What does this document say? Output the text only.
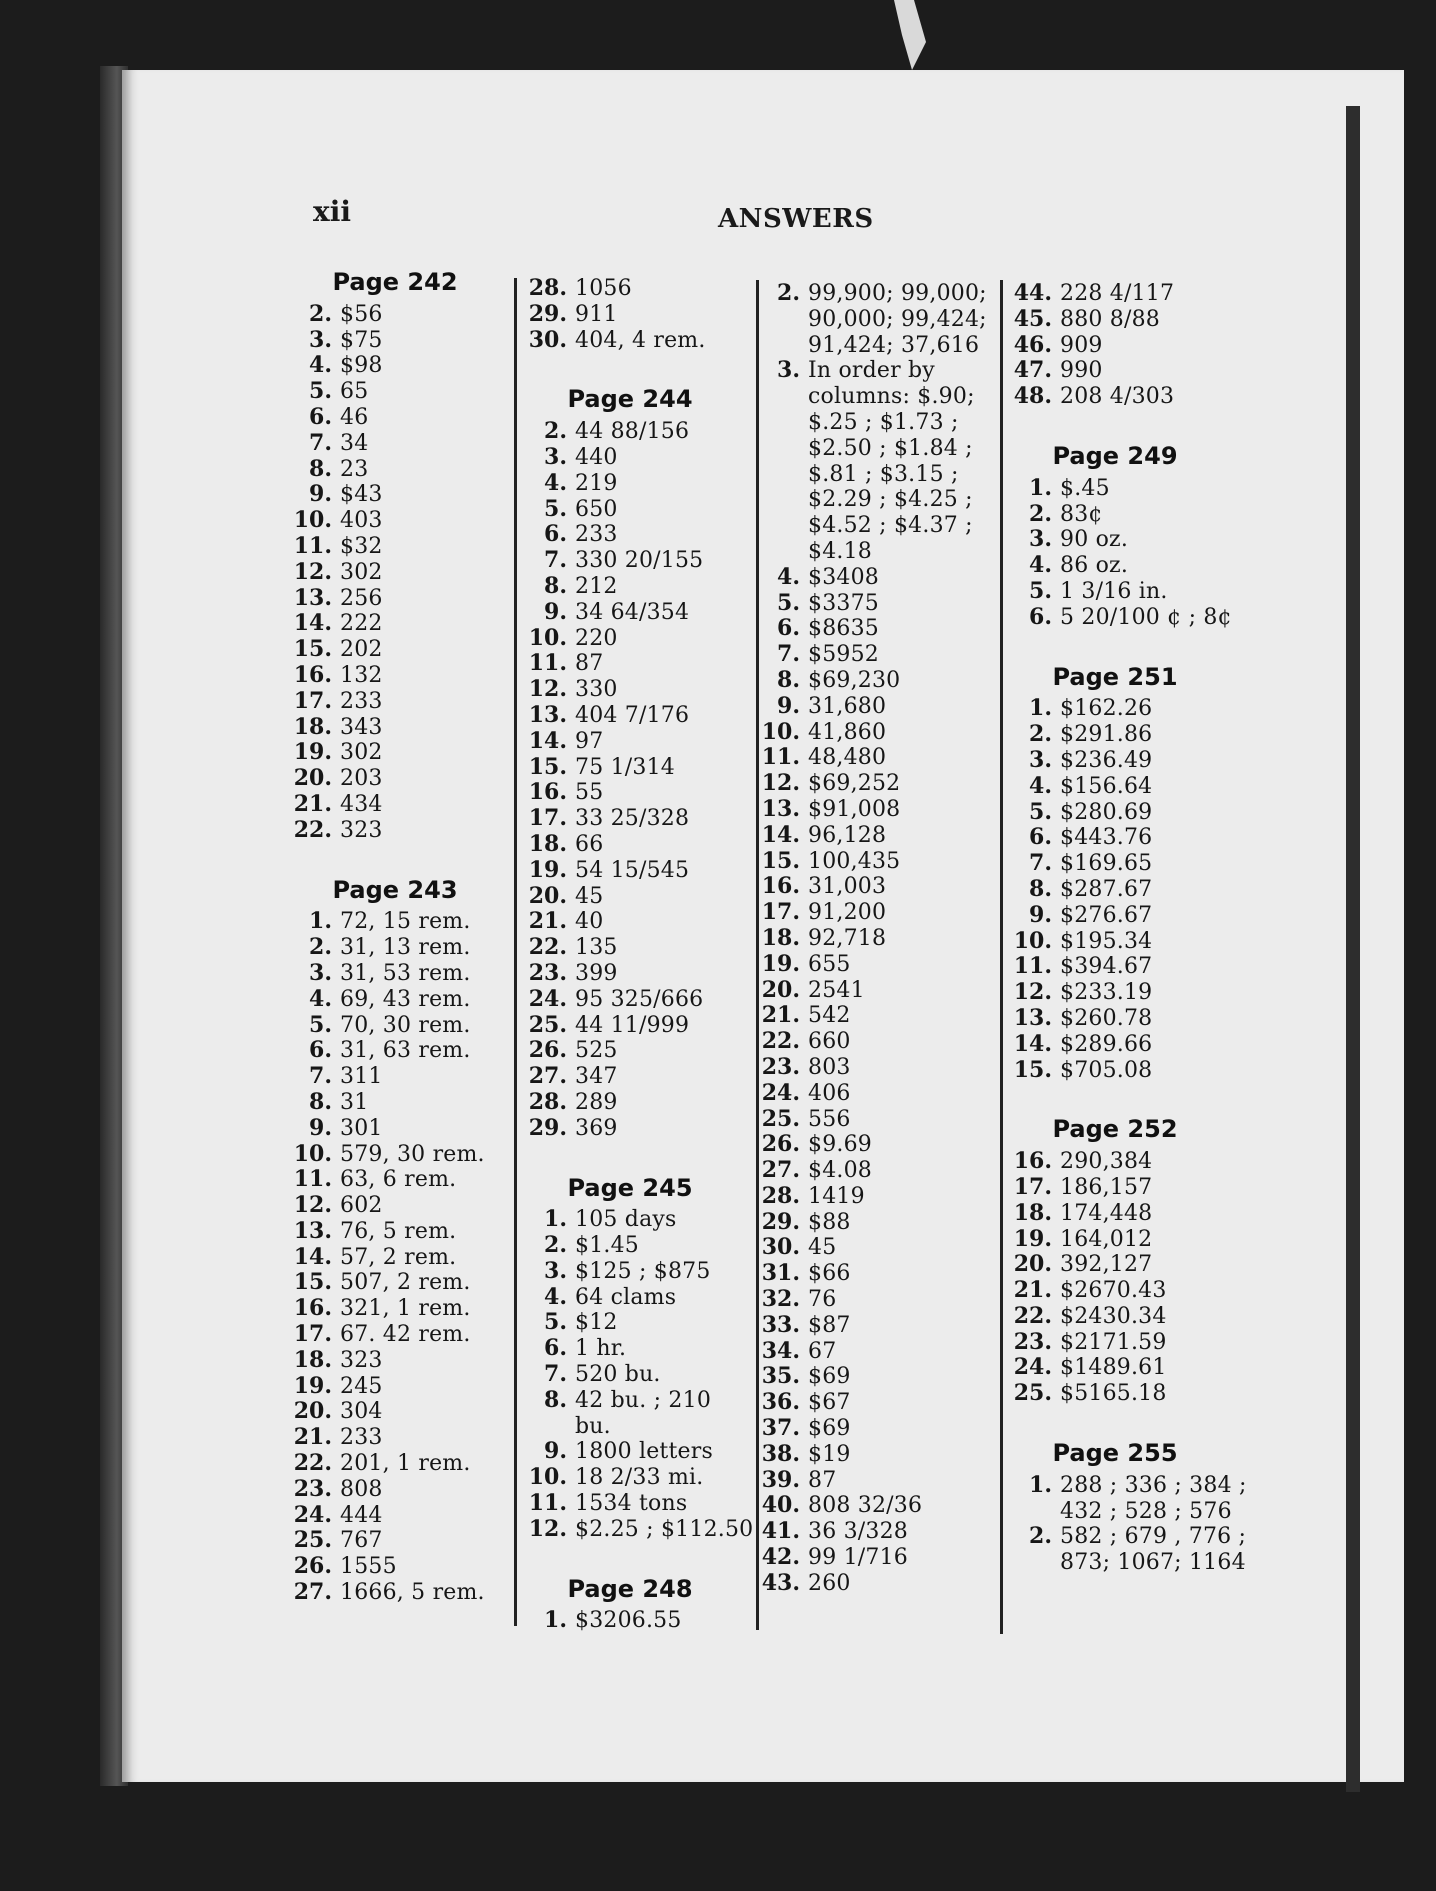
xii	ANSWERS
Page 242
2. $56
3. $75
4. $98
5. 65
6. 46
7. 34
8. 23
9. $43
10. 403
11. $32
12. 302
13. 256
14. 222
15. 202
16. 132
17. 233
18. 343
19. 302
20. 203
21. 434
22. 323
Page 243
1. 72, 15 rem.
2. 31, 13 rem.
3. 31, 53 rem.
4. 69, 43 rem.
5. 70, 30 rem.
6. 31, 63 rem.
7. 311
8. 31
9. 301
10. 579, 30 rem.
11. 63, 6 rem.
12. 602
13. 76, 5 rem.
14. 57, 2 rem.
15. 507, 2 rem.
16. 321, 1 rem.
17. 67. 42 rem.
18. 323
19. 245
20. 304
21. 233
22. 201, 1 rem.
23. 808
24. 444
25. 767
26. 1555
27. 1666, 5 rem.
28. 1056
29. 911
30. 404, 4 rem.
Page 244
2. 44 88/156
3. 440
4. 219
5. 650
6. 233
7. 330 20/155
8. 212
9. 34 64/354
10. 220
11. 87
12. 330
13. 404 7/176
14. 97
15. 75 1/314
16. 55
17. 33 25/328
18. 66
19. 54 15/545
20. 45
21. 40
22. 135
23. 399
24. 95 325/666
25. 44 11/999
26. 525
27. 347
28. 289
29. 369
Page 245
1. 105 days
2. $1.45
3. $125 ; $875
4. 64 clams
5. $12
6. 1 hr.
7. 520 bu.
8. 42 bu. ; 210
bu.
9. 1800 letters
10. 18 2/33 mi.
11. 1534 tons
12. $2.25 ; $112.50
Page 248
1. $3206.55
2. 99,900; 99,000;
90,000; 99,424;
91,424; 37,616
3. In order by
columns: $.90;
$.25 ; $1.73 ;
$2.50 ; $1.84 ;
$.81 ; $3.15 ;
$2.29 ; $4.25 ;
$4.52 ; $4.37 ;
$4.18
4. $3408
5. $3375
6. $8635
7. $5952
8. $69,230
9. 31,680
10. 41,860
11. 48,480
12. $69,252
13. $91,008
14. 96,128
15. 100,435
16. 31,003
17. 91,200
18. 92,718
19. 655
20. 2541
21. 542
22. 660
23. 803
24. 406
25. 556
26. $9.69
27. $4.08
28. 1419
29. $88
30. 45
31. $66
32. 76
33. $87
34. 67
35. $69
36. $67
37. $69
38. $19
39. 87
40. 808 32/36
41. 36 3/328
42. 99 1/716
43. 260
44. 228 4/117
45. 880 8/88
46. 909
47. 990
48. 208 4/303
Page 249
1. $.45
2. 83¢
3. 90 oz.
4. 86 oz.
5. 1 3/16 in.
6. 5 20/100 ¢ ; 8¢
Page 251
1. $162.26
2. $291.86
3. $236.49
4. $156.64
5. $280.69
6. $443.76
7. $169.65
8. $287.67
9. $276.67
10. $195.34
11. $394.67
12. $233.19
13. $260.78
14. $289.66
15. $705.08
Page 252
16. 290,384
17. 186,157
18. 174,448
19. 164,012
20. 392,127
21. $2670.43
22. $2430.34
23. $2171.59
24. $1489.61
25. $5165.18
Page 255
1. 288 ; 336 ; 384 ;
432 ; 528 ; 576
2. 582 ; 679 , 776 ;
873; 1067; 1164
